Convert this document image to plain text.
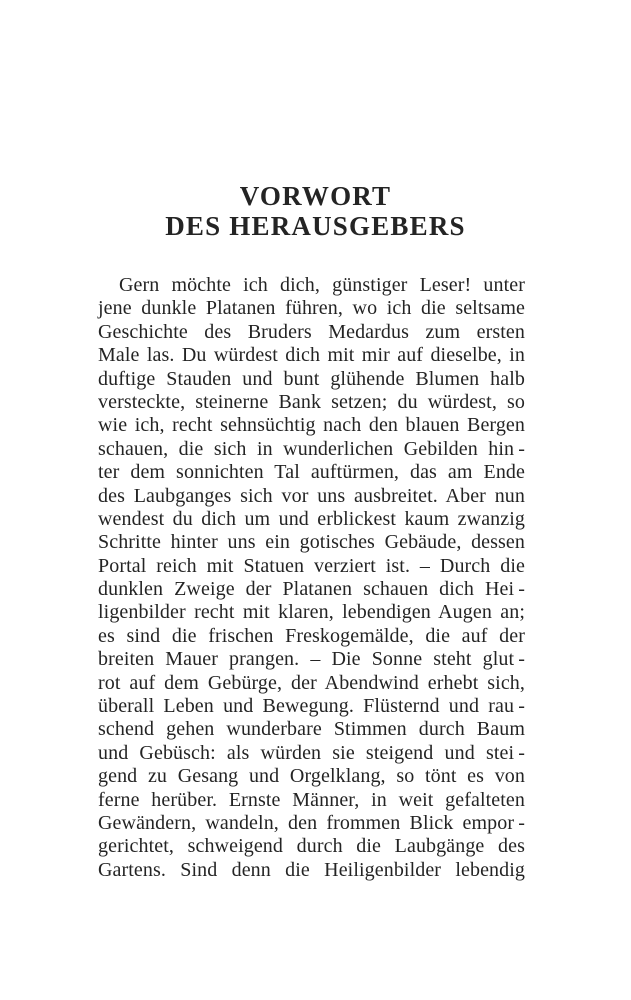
VORWORT
DES HERAUSGEBERS
Gern möchte ich dich, günstiger Leser! unter
jene dunkle Platanen führen, wo ich die seltsame
Geschichte des Bruders Medardus zum ersten
Male las. Du würdest dich mit mir auf dieselbe, in
duftige Stauden und bunt glühende Blumen halb
versteckte, steinerne Bank setzen; du würdest, so
wie ich, recht sehnsüchtig nach den blauen Bergen
schauen, die sich in wunderlichen Gebilden hin -
ter dem sonnichten Tal auftürmen, das am Ende
des Laubganges sich vor uns ausbreitet. Aber nun
wendest du dich um und erblickest kaum zwanzig
Schritte hinter uns ein gotisches Gebäude, dessen
Portal reich mit Statuen verziert ist. – Durch die
dunklen Zweige der Platanen schauen dich Hei -
ligenbilder recht mit klaren, lebendigen Augen an;
es sind die frischen Freskogemälde, die auf der
breiten Mauer prangen. – Die Sonne steht glut -
rot auf dem Gebürge, der Abendwind erhebt sich,
überall Leben und Bewegung. Flüsternd und rau -
schend gehen wunderbare Stimmen durch Baum
und Gebüsch: als würden sie steigend und stei -
gend zu Gesang und Orgelklang, so tönt es von
ferne herüber. Ernste Männer, in weit gefalteten
Gewändern, wandeln, den frommen Blick empor -
gerichtet, schweigend durch die Laubgänge des
Gartens. Sind denn die Heiligenbilder lebendig
